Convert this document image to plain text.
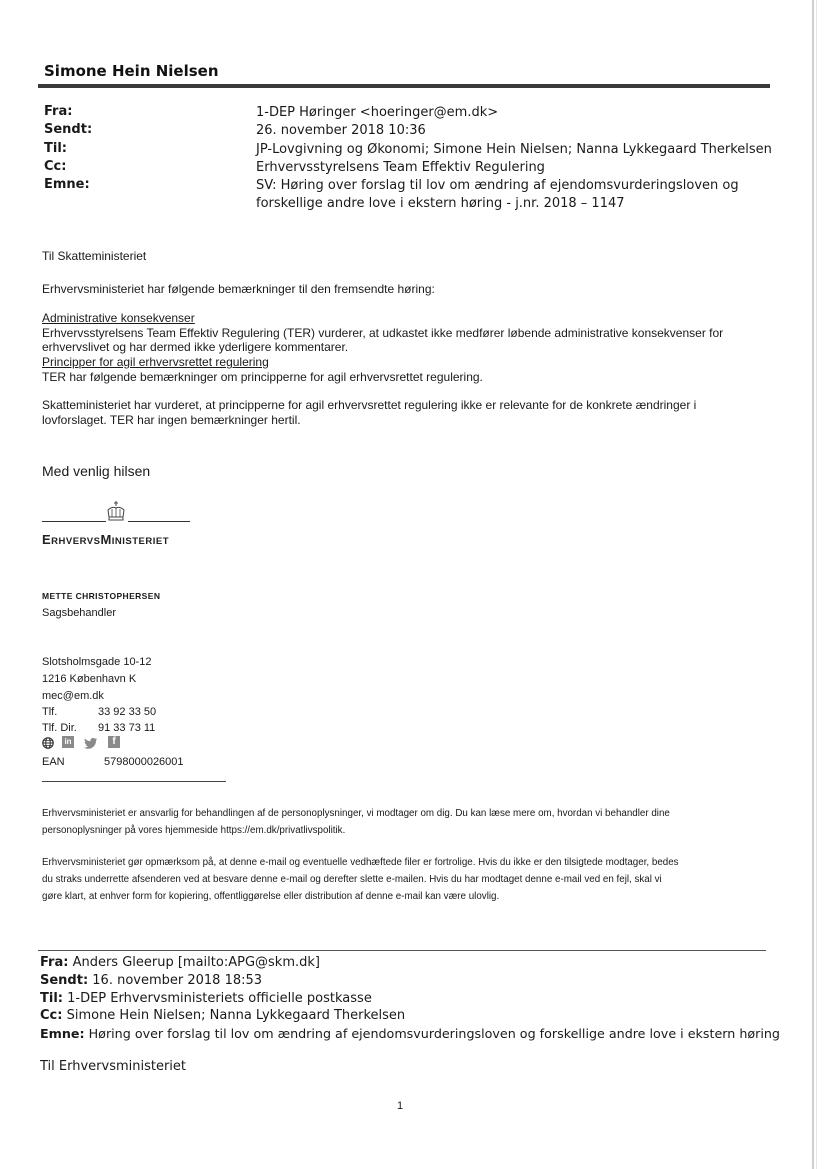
Simone Hein Nielsen
Fra:	1-DEP Høringer <hoeringer@em.dk>
Sendt:	26. november 2018 10:36
Til:	JP-Lovgivning og Økonomi; Simone Hein Nielsen; Nanna Lykkegaard Therkelsen
Cc:	Erhvervsstyrelsens Team Effektiv Regulering
Emne:	SV: Høring over forslag til lov om ændring af ejendomsvurderingsloven og
forskellige andre love i ekstern høring - j.nr. 2018 – 1147
Til Skatteministeriet
Erhvervsministeriet har følgende bemærkninger til den fremsendte høring:
Administrative konsekvenser
Erhvervsstyrelsens Team Effektiv Regulering (TER) vurderer, at udkastet ikke medfører løbende administrative konsekvenser for
erhvervslivet og har dermed ikke yderligere kommentarer.
Principper for agil erhvervsrettet regulering
TER har følgende bemærkninger om principperne for agil erhvervsrettet regulering.
Skatteministeriet har vurderet, at principperne for agil erhvervsrettet regulering ikke er relevante for de konkrete ændringer i
lovforslaget. TER har ingen bemærkninger hertil.
Med venlig hilsen
ERHVERVSMINISTERIET
METTE CHRISTOPHERSEN
Sagsbehandler
Slotsholmsgade 10-12
1216 København K
mec@em.dk
Tlf.	33 92 33 50
Tlf. Dir. 91 33 73 11
in	f
EAN	5798000026001
Erhvervsministeriet er ansvarlig for behandlingen af de personoplysninger, vi modtager om dig. Du kan læse mere om, hvordan vi behandler dine
personoplysninger på vores hjemmeside https://em.dk/privatlivspolitik.
Erhvervsministeriet gør opmærksom på, at denne e-mail og eventuelle vedhæftede filer er fortrolige. Hvis du ikke er den tilsigtede modtager, bedes
du straks underrette afsenderen ved at besvare denne e-mail og derefter slette e-mailen. Hvis du har modtaget denne e-mail ved en fejl, skal vi
gøre klart, at enhver form for kopiering, offentliggørelse eller distribution af denne e-mail kan være ulovlig.
Fra: Anders Gleerup [mailto:APG@skm.dk]
Sendt: 16. november 2018 18:53
Til: 1-DEP Erhvervsministeriets officielle postkasse
Cc: Simone Hein Nielsen; Nanna Lykkegaard Therkelsen
Emne: Høring over forslag til lov om ændring af ejendomsvurderingsloven og forskellige andre love i ekstern høring
Til Erhvervsministeriet
1
